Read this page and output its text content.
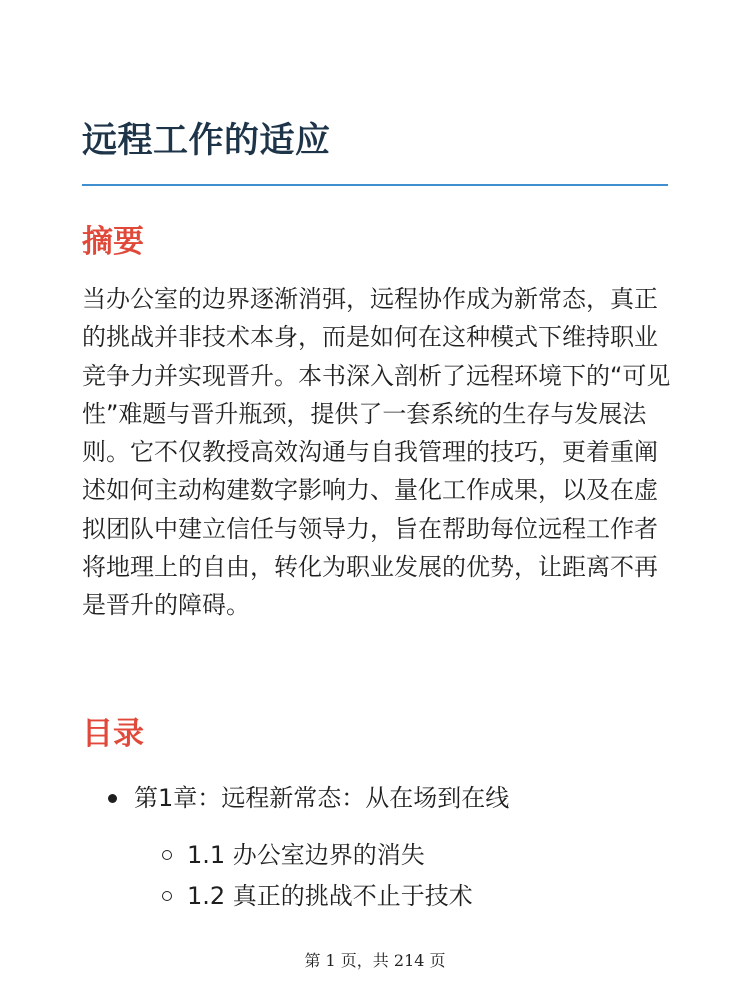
远程工作的适应
摘要

当办公室的边界逐渐消弭，远程协作成为新常态，真正的挑战并非技术本身，而是如何在这种模式下维持职业竞争力并实现晋升。本书深入剖析了远程环境下的“可见性”难题与晋升瓶颈，提供了一套系统的生存与发展法则。它不仅教授高效沟通与自我管理的技巧，更着重阐述如何主动构建数字影响力、量化工作成果，以及在虚拟团队中建立信任与领导力，旨在帮助每位远程工作者将地理上的自由，转化为职业发展的优势，让距离不再是晋升的障碍。

目录
第1章：远程新常态：从在场到在线
1.1 办公室边界的消失
1.2 真正的挑战不止于技术
第 1 页，共 214 页
